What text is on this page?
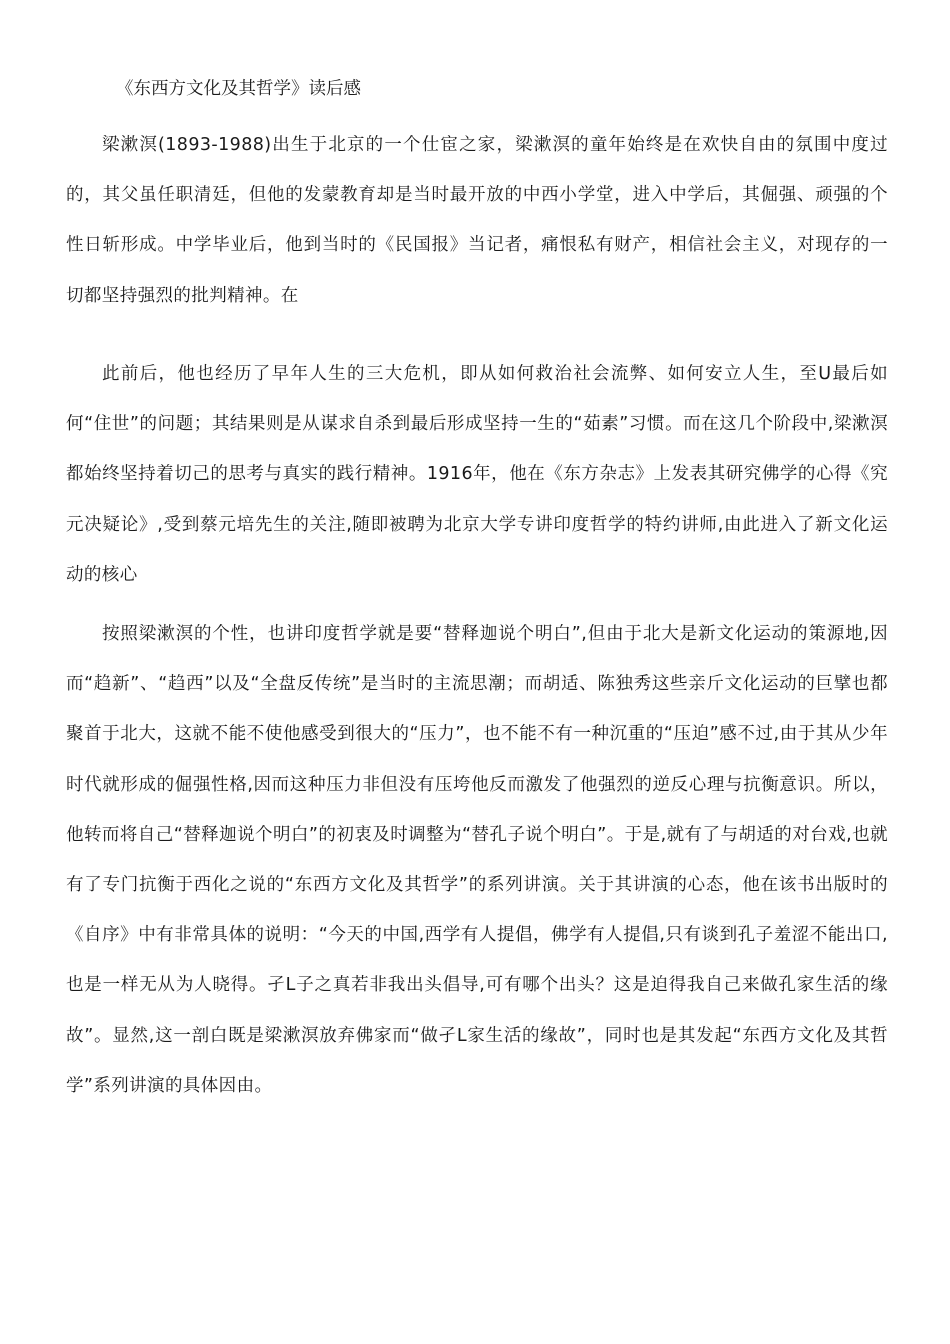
《东西方文化及其哲学》读后感

梁漱溟(1893-1988)出生于北京的一个仕宦之家，梁漱溟的童年始终是在欢快自由的氛围中度过的，其父虽任职清廷，但他的发蒙教育却是当时最开放的中西小学堂，进入中学后，其倔强、顽强的个性日斩形成。中学毕业后，他到当时的《民国报》当记者，痛恨私有财产，相信社会主义，对现存的一切都坚持强烈的批判精神。在

此前后，他也经历了早年人生的三大危机，即从如何救治社会流弊、如何安立人生，至U最后如何“住世”的问题；其结果则是从谋求自杀到最后形成坚持一生的“茹素”习惯。而在这几个阶段中,梁漱溟都始终坚持着切己的思考与真实的践行精神。1916年，他在《东方杂志》上发表其研究佛学的心得《究元决疑论》,受到蔡元培先生的关注,随即被聘为北京大学专讲印度哲学的特约讲师,由此进入了新文化运动的核心

按照梁漱溟的个性，也讲印度哲学就是要“替释迦说个明白”,但由于北大是新文化运动的策源地,因而“趋新”、“趋西”以及“全盘反传统”是当时的主流思潮；而胡适、陈独秀这些亲斤文化运动的巨擘也都聚首于北大，这就不能不使他感受到很大的“压力”，也不能不有一种沉重的“压迫”感不过,由于其从少年时代就形成的倔强性格,因而这种压力非但没有压垮他反而激发了他强烈的逆反心理与抗衡意识。所以，他转而将自己“替释迦说个明白”的初衷及时调整为“替孔子说个明白”。于是,就有了与胡适的对台戏,也就有了专门抗衡于西化之说的“东西方文化及其哲学”的系列讲演。关于其讲演的心态，他在该书出版时的《自序》中有非常具体的说明：“今天的中国,西学有人提倡，佛学有人提倡,只有谈到孔子羞涩不能出口,也是一样无从为人晓得。孑L子之真若非我出头倡导,可有哪个出头？这是迫得我自己来做孔家生活的缘故”。显然,这一剖白既是梁漱溟放弃佛家而“做孑L家生活的缘故”，同时也是其发起“东西方文化及其哲学”系列讲演的具体因由。
